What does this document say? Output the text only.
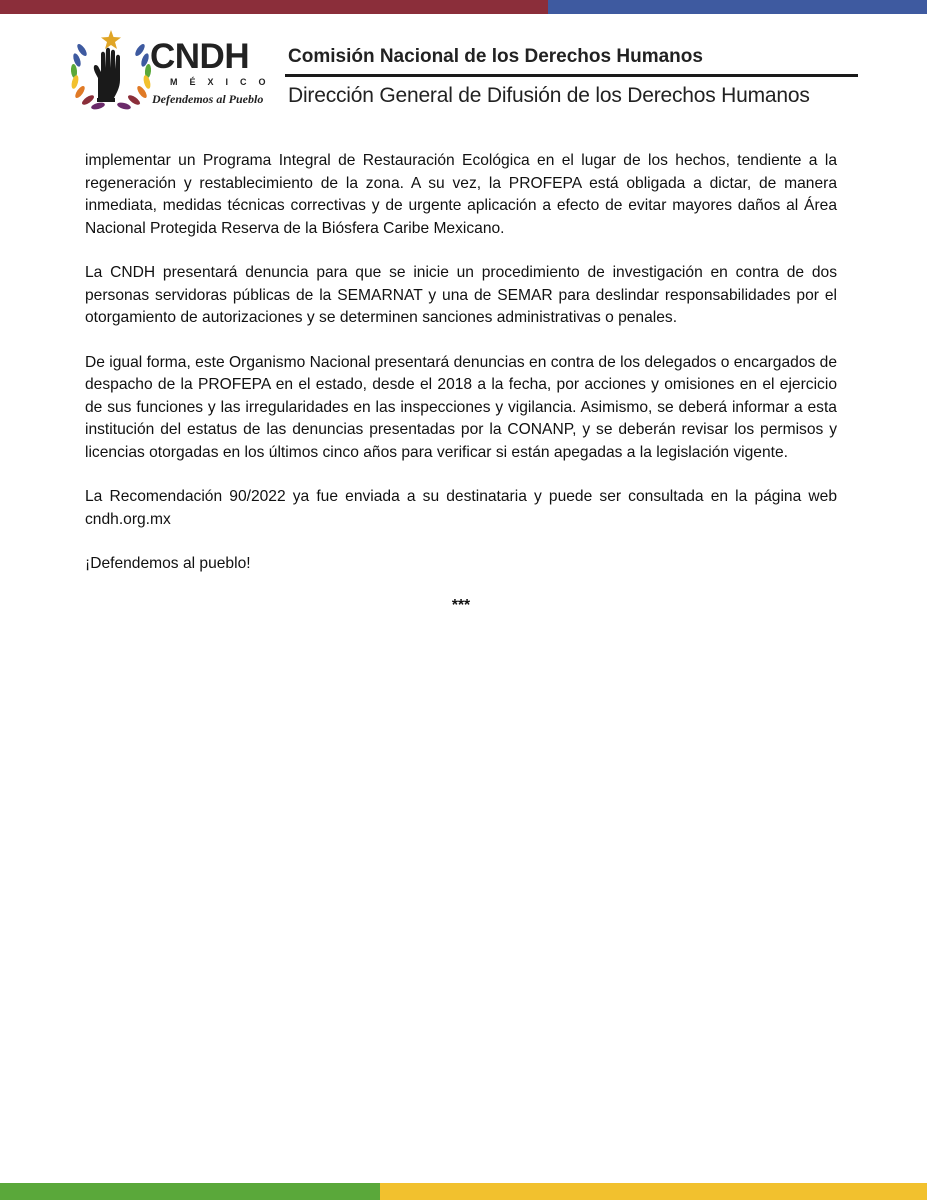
CNDH
MÉXICO
Defendemos al Pueblo
Comisión Nacional de los Derechos Humanos
Dirección General de Difusión de los Derechos Humanos

implementar un Programa Integral de Restauración Ecológica en el lugar de los hechos, tendiente a la regeneración y restablecimiento de la zona. A su vez, la PROFEPA está obligada a dictar, de manera inmediata, medidas técnicas correctivas y de urgente aplicación a efecto de evitar mayores daños al Área Nacional Protegida Reserva de la Biósfera Caribe Mexicano.

La CNDH presentará denuncia para que se inicie un procedimiento de investigación en contra de dos personas servidoras públicas de la SEMARNAT y una de SEMAR para deslindar responsabilidades por el otorgamiento de autorizaciones y se determinen sanciones administrativas o penales.

De igual forma, este Organismo Nacional presentará denuncias en contra de los delegados o encargados de despacho de la PROFEPA en el estado, desde el 2018 a la fecha, por acciones y omisiones en el ejercicio de sus funciones y las irregularidades en las inspecciones y vigilancia. Asimismo, se deberá informar a esta institución del estatus de las denuncias presentadas por la CONANP, y se deberán revisar los permisos y licencias otorgadas en los últimos cinco años para verificar si están apegadas a la legislación vigente.

La Recomendación 90/2022 ya fue enviada a su destinataria y puede ser consultada en la página web cndh.org.mx

¡Defendemos al pueblo!

***
